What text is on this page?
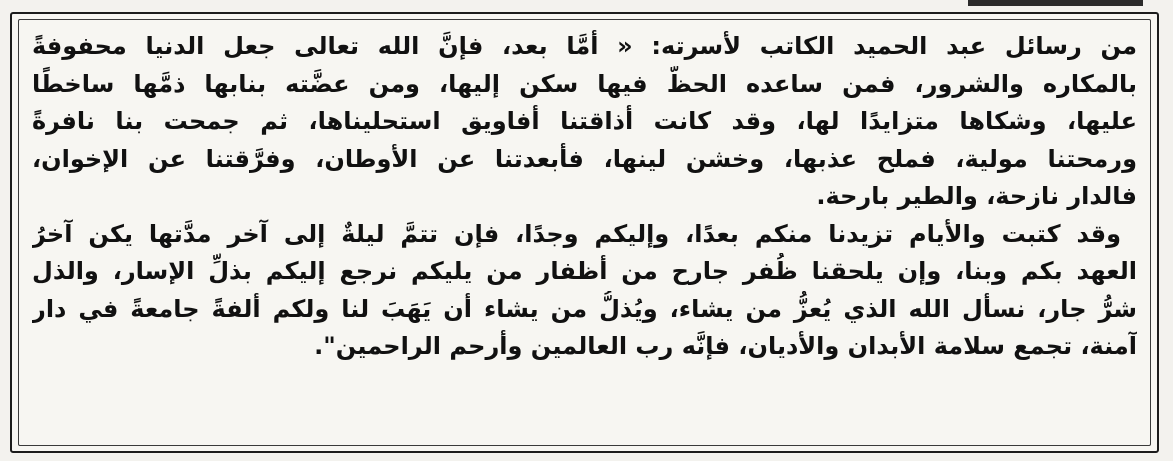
من رسائل عبد الحميد الكاتب لأسرته: « أمَّا بعد، فإنَّ الله تعالى جعل الدنيا محفوفةً
بالمكاره والشرور، فمن ساعده الحظُّ فيها سكن إليها، ومن عضَّته بنابها ذمَّها ساخطًا
عليها، وشكاها متزايدًا لها، وقد كانت أذاقتنا أفاويق استحليناها، ثم جمحت بنا نافرةً
ورمحتنا مولية، فملح عذبها، وخشن لينها، فأبعدتنا عن الأوطان، وفرَّقتنا عن الإخوان،
فالدار نازحة، والطير بارحة.
وقد كتبت والأيام تزيدنا منكم بعدًا، وإليكم وجدًا، فإن تتمَّ ليلةٌ إلى آخر مدَّتها يكن آخرُ
العهد بكم وبنا، وإن يلحقنا ظُفر جارح من أظفار من يليكم نرجع إليكم بذلِّ الإسار، والذل
شرُّ جار، نسأل الله الذي يُعزُّ من يشاء، ويُذلُّ من يشاء أن يَهَبَ لنا ولكم ألفةً جامعةً في دار
آمنة، تجمع سلامة الأبدان والأديان، فإنَّه رب العالمين وأرحم الراحمين".
